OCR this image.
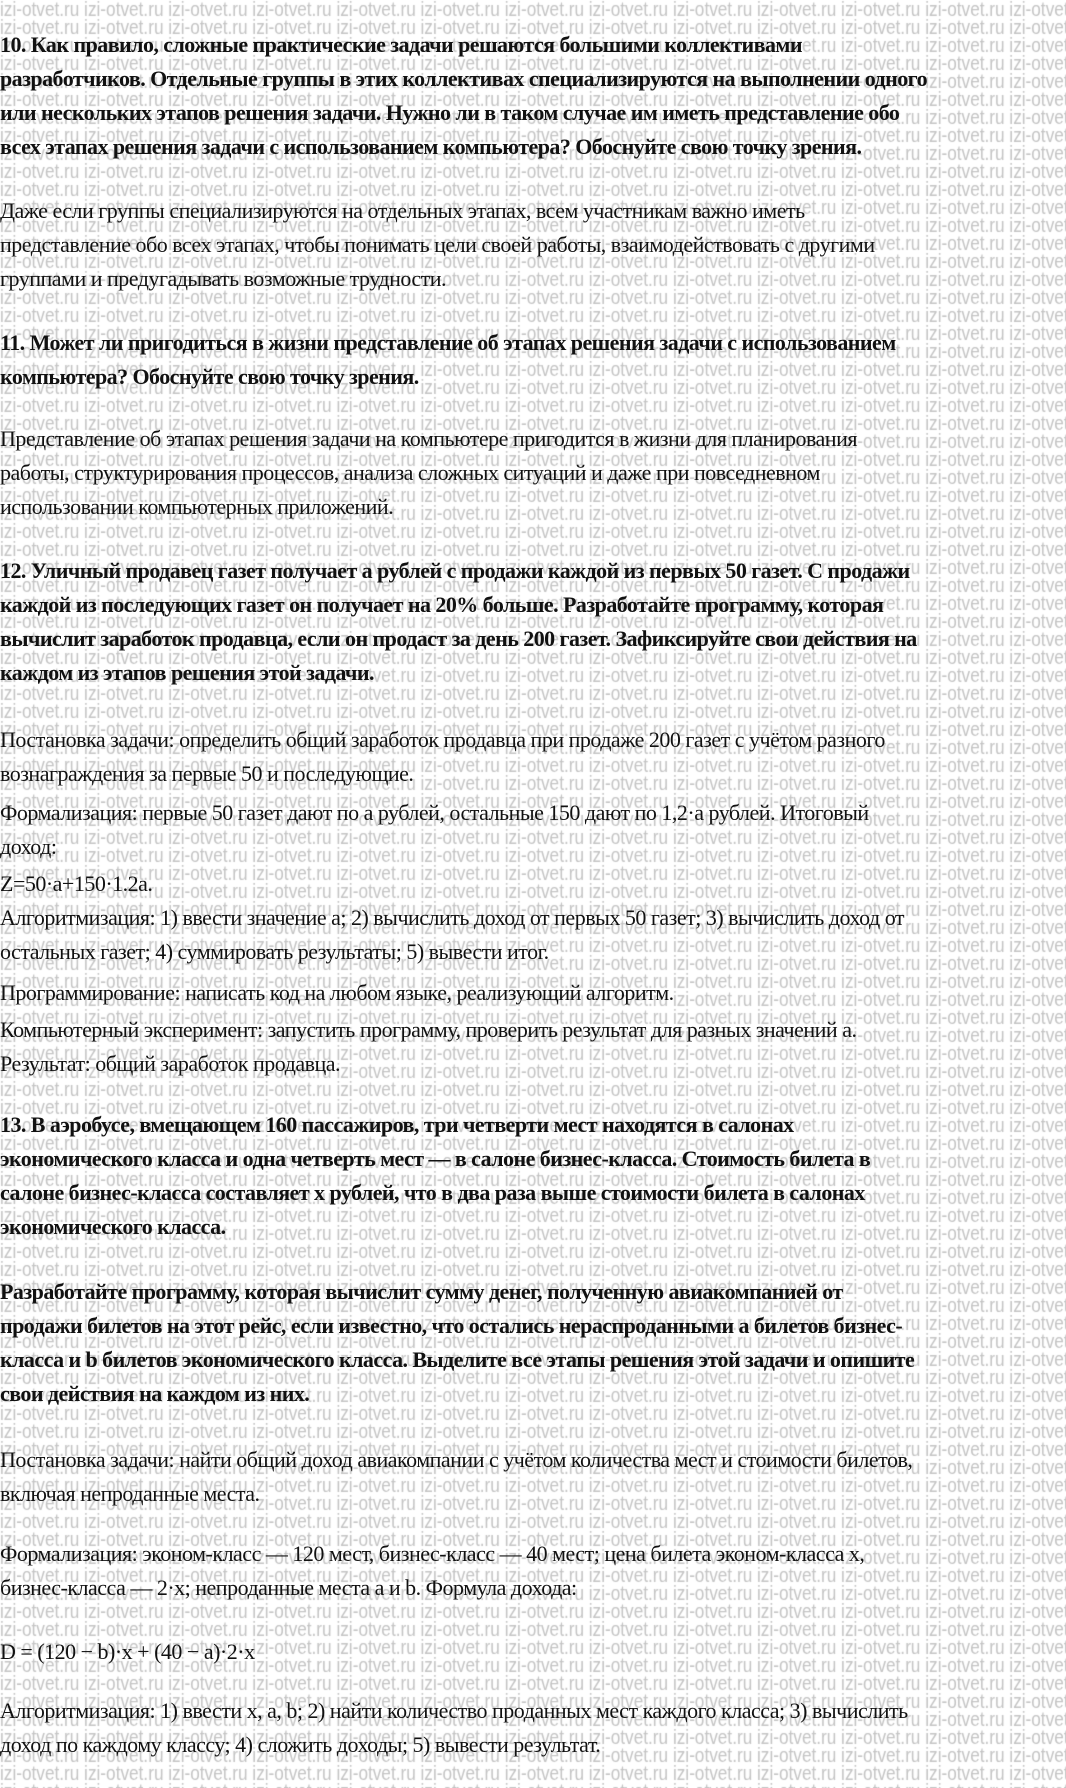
10. Как правило, сложные практические задачи решаются большими коллективами
разработчиков. Отдельные группы в этих коллективах специализируются на выполнении одного
или нескольких этапов решения задачи. Нужно ли в таком случае им иметь представление обо
всех этапах решения задачи с использованием компьютера? Обоснуйте свою точку зрения.
Даже если группы специализируются на отдельных этапах, всем участникам важно иметь
представление обо всех этапах, чтобы понимать цели своей работы, взаимодействовать с другими
группами и предугадывать возможные трудности.
11. Может ли пригодиться в жизни представление об этапах решения задачи с использованием
компьютера? Обоснуйте свою точку зрения.
Представление об этапах решения задачи на компьютере пригодится в жизни для планирования
работы, структурирования процессов, анализа сложных ситуаций и даже при повседневном
использовании компьютерных приложений.
12. Уличный продавец газет получает а рублей с продажи каждой из первых 50 газет. С продажи
каждой из последующих газет он получает на 20% больше. Разработайте программу, которая
вычислит заработок продавца, если он продаст за день 200 газет. Зафиксируйте свои действия на
каждом из этапов решения этой задачи.
Постановка задачи: определить общий заработок продавца при продаже 200 газет с учётом разного
вознаграждения за первые 50 и последующие.
Формализация: первые 50 газет дают по a рублей, остальные 150 дают по 1,2·a рублей. Итоговый
доход:
Z=50·a+150·1.2a.
Алгоритмизация: 1) ввести значение a; 2) вычислить доход от первых 50 газет; 3) вычислить доход от
остальных газет; 4) суммировать результаты; 5) вывести итог.
Программирование: написать код на любом языке, реализующий алгоритм.
Компьютерный эксперимент: запустить программу, проверить результат для разных значений a.
Результат: общий заработок продавца.
13. В аэробусе, вмещающем 160 пассажиров, три четверти мест находятся в салонах
экономического класса и одна четверть мест — в салоне бизнес-класса. Стоимость билета в
салоне бизнес-класса составляет х рублей, что в два раза выше стоимости билета в салонах
экономического класса.
Разработайте программу, которая вычислит сумму денег, полученную авиакомпанией от
продажи билетов на этот рейс, если известно, что остались нераспроданными a билетов бизнес-
класса и b билетов экономического класса. Выделите все этапы решения этой задачи и опишите
свои действия на каждом из них.
Постановка задачи: найти общий доход авиакомпании с учётом количества мест и стоимости билетов,
включая непроданные места.
Формализация: эконом-класс — 120 мест, бизнес-класс — 40 мест; цена билета эконом-класса x,
бизнес-класса — 2·x; непроданные места a и b. Формула дохода:
D = (120 − b)·x + (40 − a)·2·x
Алгоритмизация: 1) ввести x, a, b; 2) найти количество проданных мест каждого класса; 3) вычислить
доход по каждому классу; 4) сложить доходы; 5) вывести результат.
